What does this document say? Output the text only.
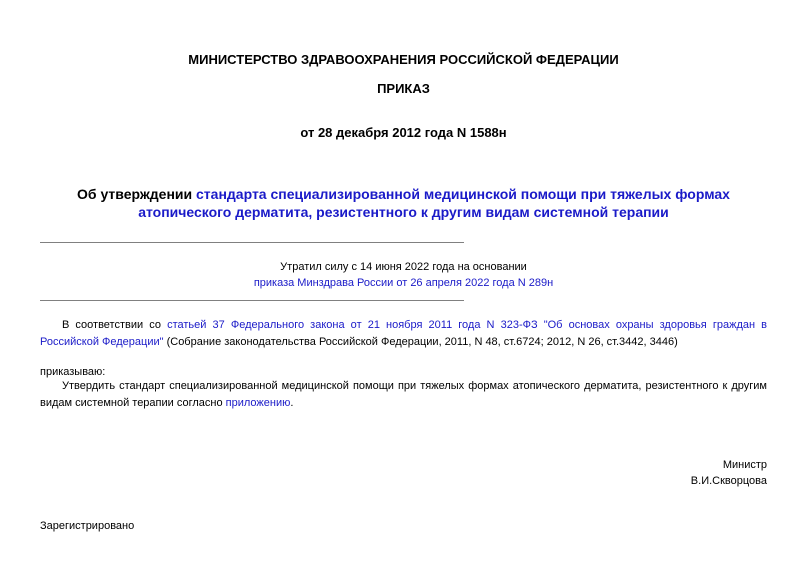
МИНИСТЕРСТВО ЗДРАВООХРАНЕНИЯ РОССИЙСКОЙ ФЕДЕРАЦИИ
ПРИКАЗ
от 28 декабря 2012 года N 1588н
Об утверждении стандарта специализированной медицинской помощи при тяжелых формах атопического дерматита, резистентного к другим видам системной терапии
Утратил силу с 14 июня 2022 года на основании
приказа Минздрава России от 26 апреля 2022 года N 289н
В соответствии со статьей 37 Федерального закона от 21 ноября 2011 года N 323-ФЗ "Об основах охраны здоровья граждан в Российской Федерации" (Собрание законодательства Российской Федерации, 2011, N 48, ст.6724; 2012, N 26, ст.3442, 3446)
приказываю:
Утвердить стандарт специализированной медицинской помощи при тяжелых формах атопического дерматита, резистентного к другим видам системной терапии согласно приложению.
Министр
В.И.Скворцова
Зарегистрировано
